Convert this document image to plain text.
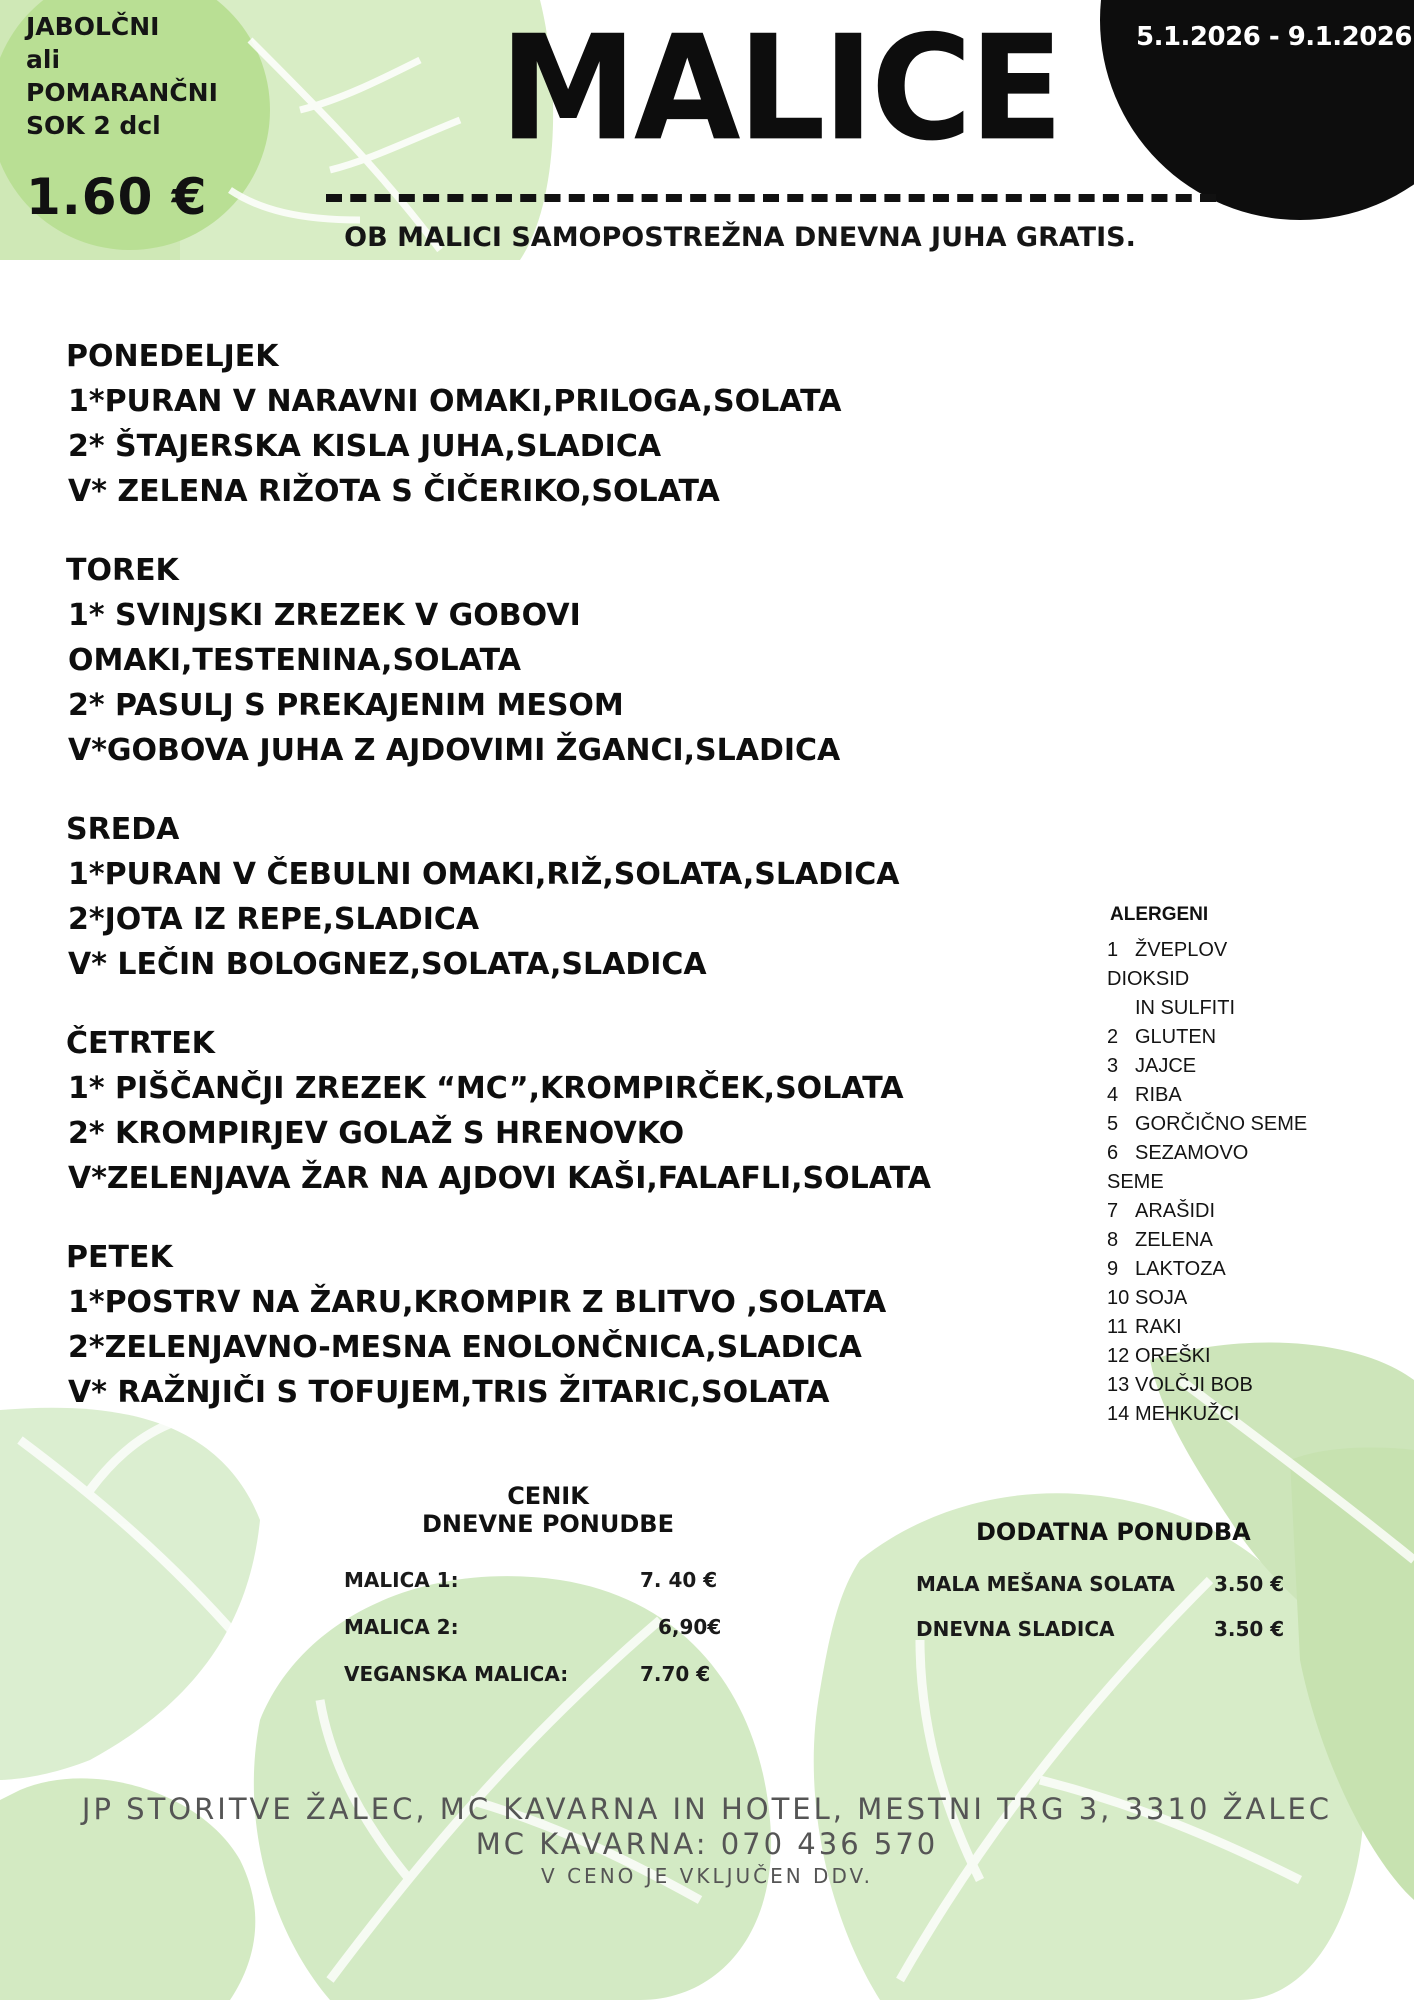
JABOLČNI
ali
POMARANČNI
SOK 2 dcl
1.60 €
MALICE	5.1.2026 - 9.1.2026
OB MALICI SAMOPOSTREŽNA DNEVNA JUHA GRATIS.
PONEDELJEK
1*PURAN V NARAVNI OMAKI,PRILOGA,SOLATA
2* ŠTAJERSKA KISLA JUHA,SLADICA
V* ZELENA RIŽOTA S ČIČERIKO,SOLATA
TOREK
1* SVINJSKI ZREZEK V GOBOVI OMAKI,TESTENINA,SOLATA
2* PASULJ S PREKAJENIM MESOM
V*GOBOVA JUHA Z AJDOVIMI ŽGANCI,SLADICA
SREDA
1*PURAN V ČEBULNI OMAKI,RIŽ,SOLATA,SLADICA
2*JOTA IZ REPE,SLADICA
V* LEČIN BOLOGNEZ,SOLATA,SLADICA
ČETRTEK
1* PIŠČANČJI ZREZEK “MC”,KROMPIRČEK,SOLATA
2* KROMPIRJEV GOLAŽ S HRENOVKO
V*ZELENJAVA ŽAR NA AJDOVI KAŠI,FALAFLI,SOLATA
PETEK
1*POSTRV NA ŽARU,KROMPIR Z BLITVO ,SOLATA
2*ZELENJAVNO-MESNA ENOLONČNICA,SLADICA
V* RAŽNJIČI S TOFUJEM,TRIS ŽITARIC,SOLATA
ALERGENI
1 ŽVEPLOV
DIOKSID
IN SULFITI
2 GLUTEN
3 JAJCE
4 RIBA
5 GORČIČNO SEME
6 SEZAMOVO
SEME
7 ARAŠIDI
8 ZELENA
9 LAKTOZA
10 SOJA
11 RAKI
12 OREŠKI
13 VOLČJI BOB
14 MEHKUŽCI
CENIK
DNEVNE PONUDBE
MALICA 1:	7. 40 €
MALICA 2:	6,90€
VEGANSKA MALICA:	7.70 €
DODATNA PONUDBA
MALA MEŠANA SOLATA 3.50 €
DNEVNA SLADICA	3.50 €
JP STORITVE ŽALEC, MC KAVARNA IN HOTEL, MESTNI TRG 3, 3310 ŽALEC
MC KAVARNA: 070 436 570
V CENO JE VKLJUČEN DDV.
